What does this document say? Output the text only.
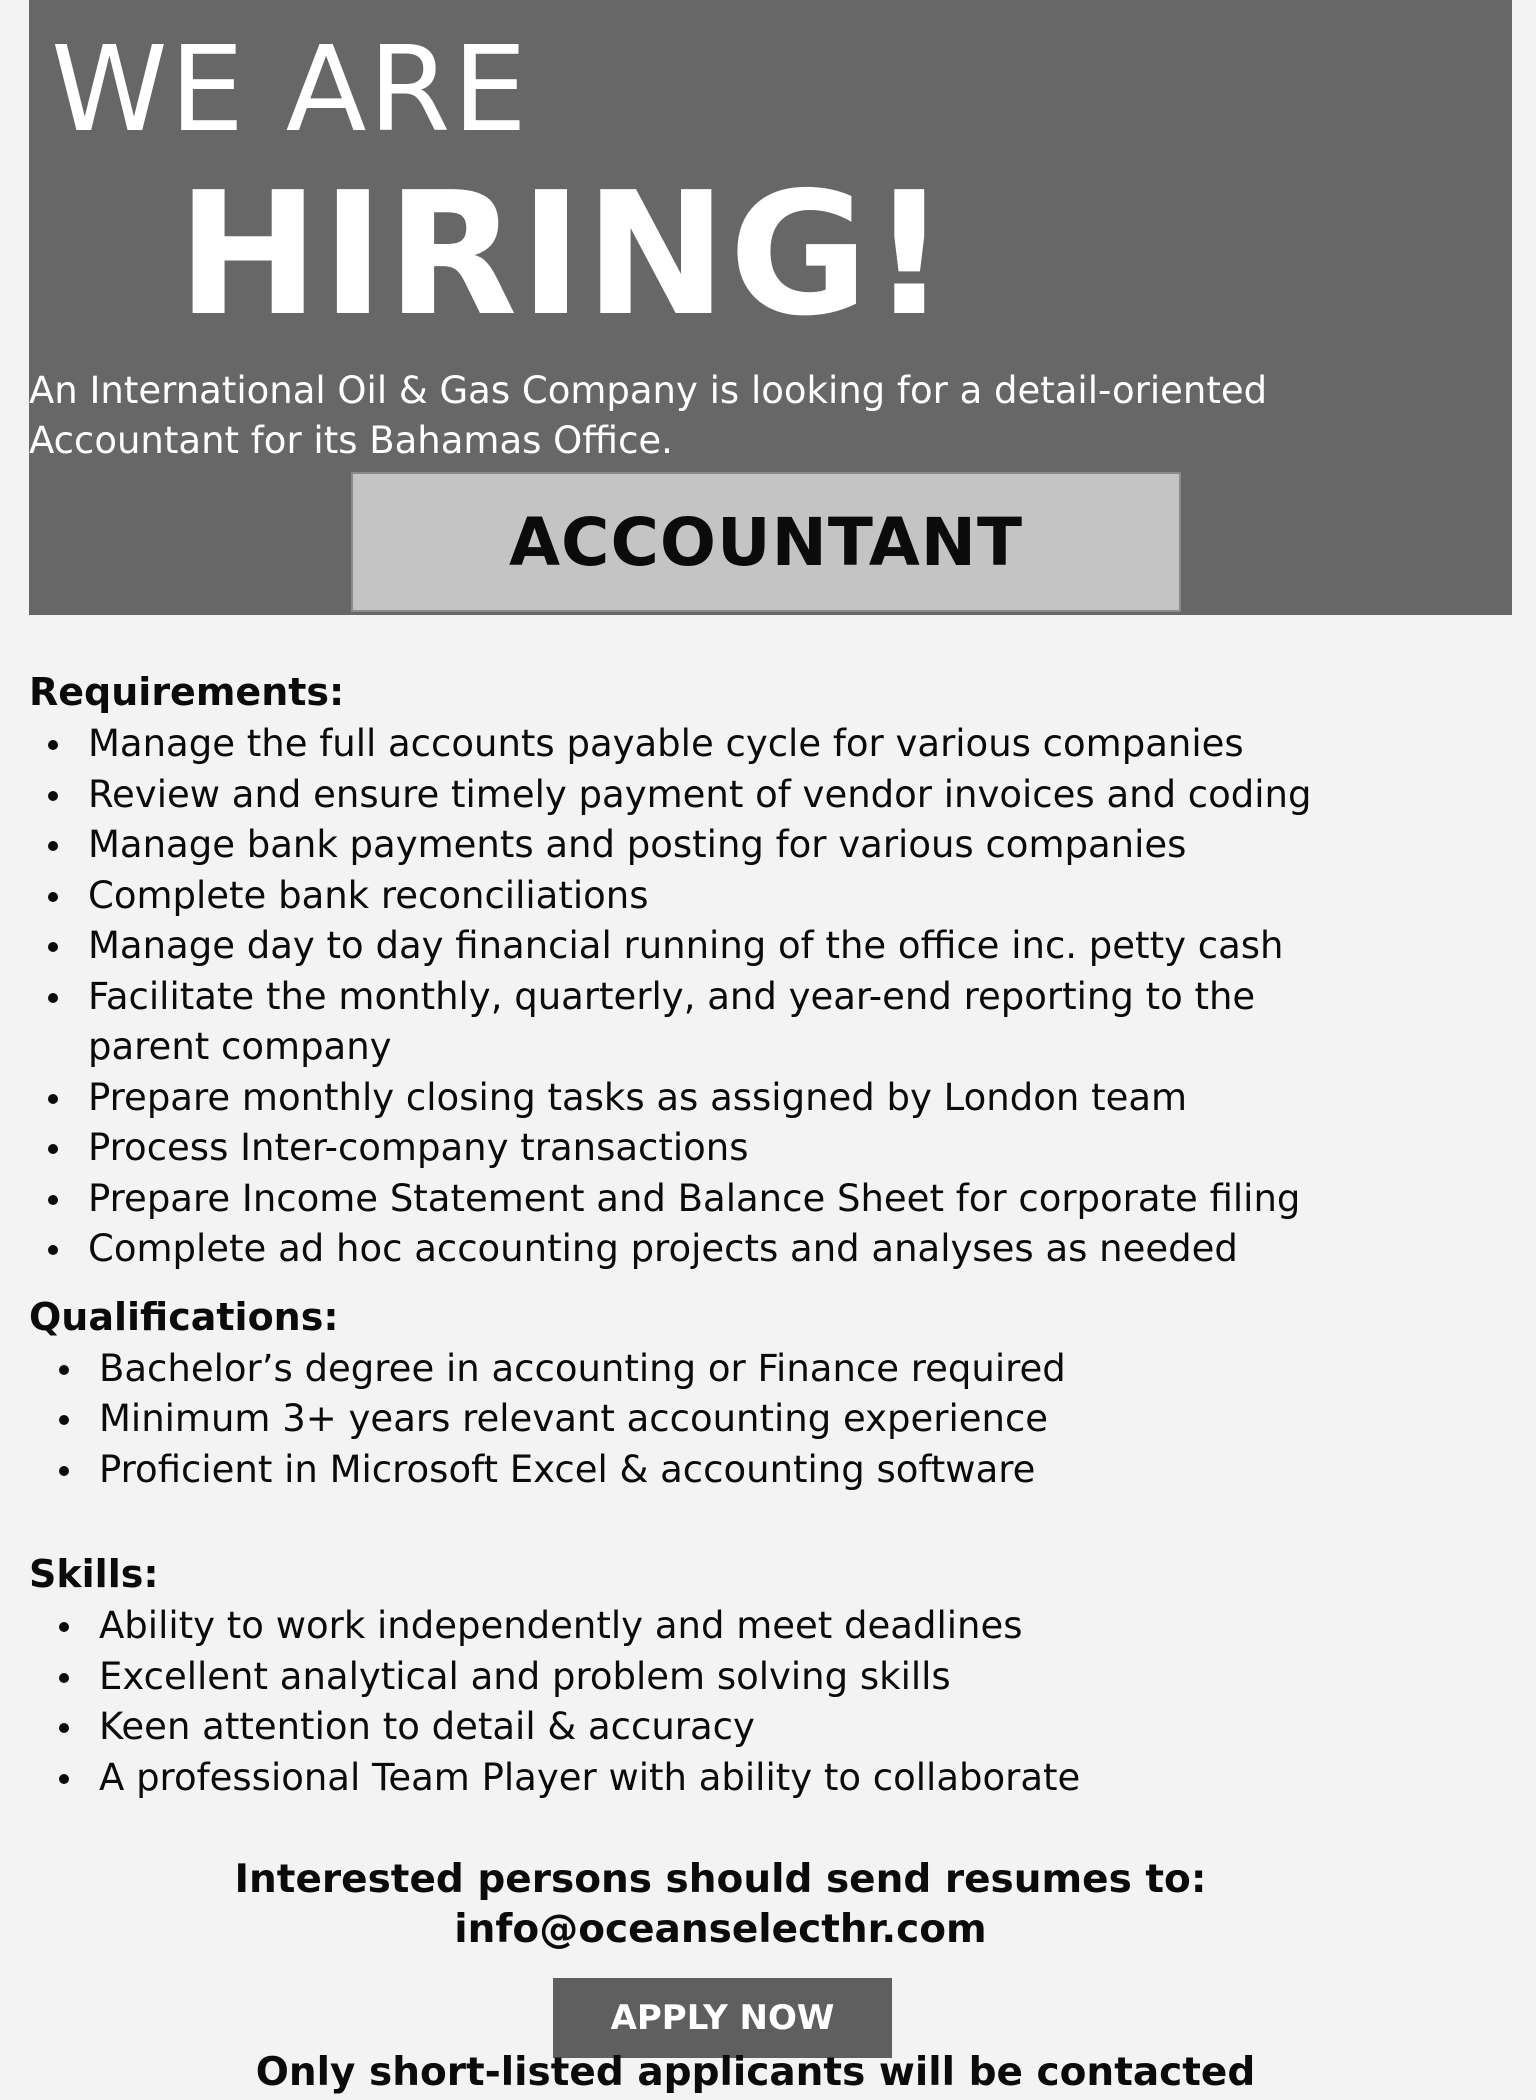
WE ARE
HIRING!
An International Oil & Gas Company is looking for a detail-oriented
Accountant for its Bahamas Office.
ACCOUNTANT
Requirements:
Manage the full accounts payable cycle for various companies
Review and ensure timely payment of vendor invoices and coding
Manage bank payments and posting for various companies
Complete bank reconciliations
Manage day to day financial running of the office inc. petty cash
Facilitate the monthly, quarterly, and year-end reporting to the
parent company
Prepare monthly closing tasks as assigned by London team
Process Inter-company transactions
Prepare Income Statement and Balance Sheet for corporate filing
Complete ad hoc accounting projects and analyses as needed
Qualifications:
Bachelor’s degree in accounting or Finance required
Minimum 3+ years relevant accounting experience
Proficient in Microsoft Excel & accounting software
Skills:
Ability to work independently and meet deadlines
Excellent analytical and problem solving skills
Keen attention to detail & accuracy
A professional Team Player with ability to collaborate

Interested persons should send resumes to:

info@oceanselecthr.com

APPLY NOW
Only short-listed applicants will be contacted
